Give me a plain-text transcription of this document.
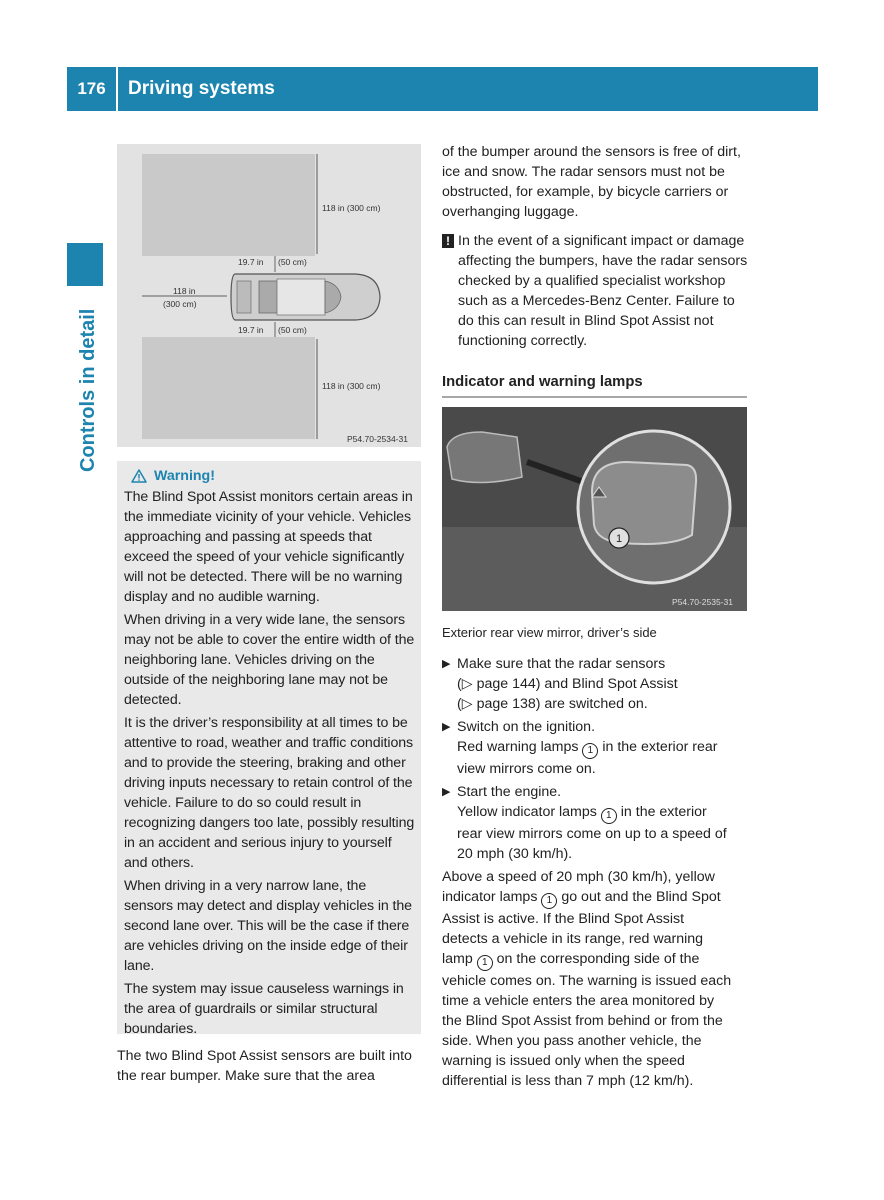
176	Driving systems
Controls in detail
118 in (300 cm)
118 in (300 cm)
118 in
(300 cm)
19.7 in (50 cm)
19.7 in (50 cm)
P54.70-2534-31
Warning!

The Blind Spot Assist monitors certain areas in the immediate vicinity of your vehicle. Vehicles approaching and passing at speeds that exceed the speed of your vehicle significantly will not be detected. There will be no warning display and no audible warning.

When driving in a very wide lane, the sensors may not be able to cover the entire width of the neighboring lane. Vehicles driving on the outside of the neighboring lane may not be detected.

It is the driver’s responsibility at all times to be attentive to road, weather and traffic conditions and to provide the steering, braking and other driving inputs necessary to retain control of the vehicle. Failure to do so could result in recognizing dangers too late, possibly resulting in an accident and serious injury to yourself and others.

When driving in a very narrow lane, the sensors may detect and display vehicles in the second lane over. This will be the case if there are vehicles driving on the inside edge of their lane.

The system may issue causeless warnings in the area of guardrails or similar structural boundaries.

The two Blind Spot Assist sensors are built into the rear bumper. Make sure that the area

of the bumper around the sensors is free of dirt, ice and snow. The radar sensors must not be obstructed, for example, by bicycle carriers or overhanging luggage.

! In the event of a significant impact or damage affecting the bumpers, have the radar sensors checked by a qualified specialist workshop such as a Mercedes-Benz Center. Failure to do this can result in Blind Spot Assist not functioning correctly.
Indicator and warning lamps
1
P54.70-2535-31
Exterior rear view mirror, driver’s side
▶ Make sure that the radar sensors
(▷ page 144) and Blind Spot Assist
(▷ page 138) are switched on.
▶ Switch on the ignition.
Red warning lamps 1 in the exterior rear
view mirrors come on.
▶ Start the engine.
Yellow indicator lamps 1 in the exterior
rear view mirrors come on up to a speed of
20 mph (30 km/h).
Above a speed of 20 mph (30 km/h), yellow
indicator lamps 1 go out and the Blind Spot
Assist is active. If the Blind Spot Assist
detects a vehicle in its range, red warning
lamp 1 on the corresponding side of the
vehicle comes on. The warning is issued each
time a vehicle enters the area monitored by
the Blind Spot Assist from behind or from the
side. When you pass another vehicle, the
warning is issued only when the speed
differential is less than 7 mph (12 km/h).
